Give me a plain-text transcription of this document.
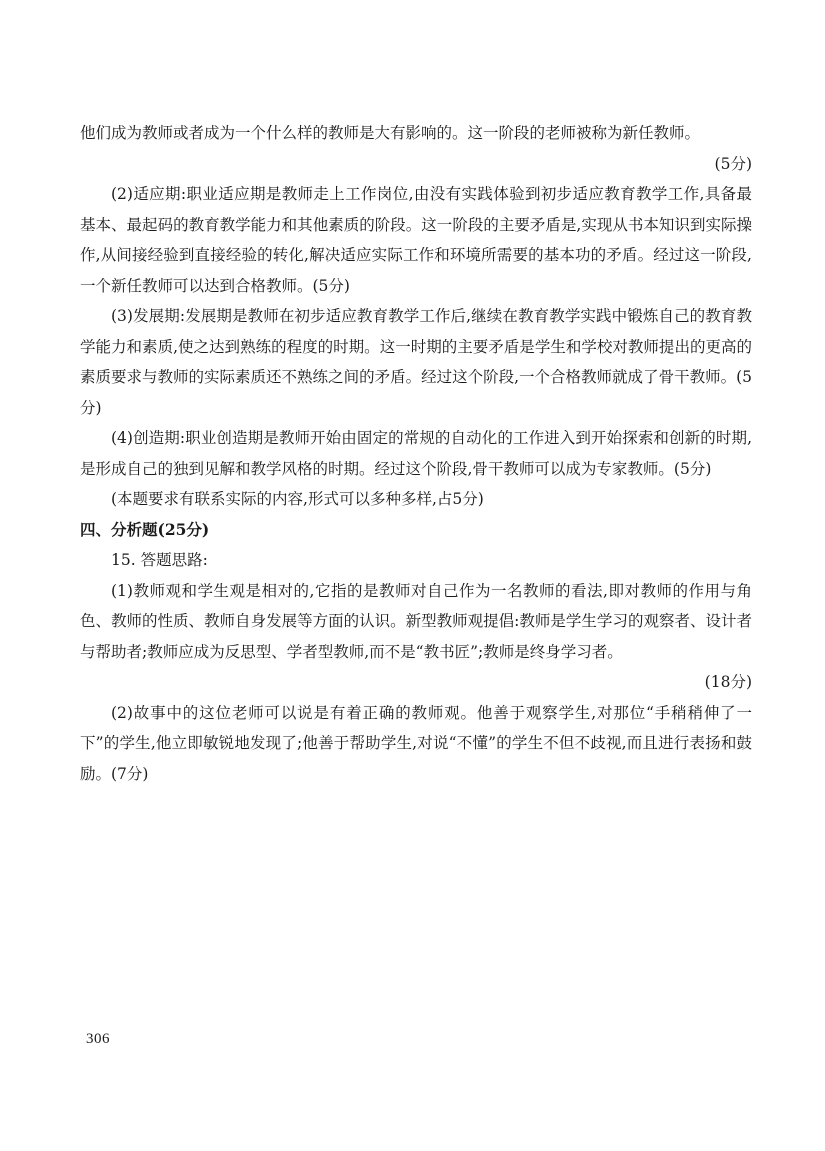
他们成为教师或者成为一个什么样的教师是大有影响的。这一阶段的老师被称为新任教师。

(5分)

(2)适应期:职业适应期是教师走上工作岗位,由没有实践体验到初步适应教育教学工作,具备最基本、最起码的教育教学能力和其他素质的阶段。这一阶段的主要矛盾是,实现从书本知识到实际操作,从间接经验到直接经验的转化,解决适应实际工作和环境所需要的基本功的矛盾。经过这一阶段,一个新任教师可以达到合格教师。(5分)

(3)发展期:发展期是教师在初步适应教育教学工作后,继续在教育教学实践中锻炼自己的教育教学能力和素质,使之达到熟练的程度的时期。这一时期的主要矛盾是学生和学校对教师提出的更高的素质要求与教师的实际素质还不熟练之间的矛盾。经过这个阶段,一个合格教师就成了骨干教师。(5分)

(4)创造期:职业创造期是教师开始由固定的常规的自动化的工作进入到开始探索和创新的时期,是形成自己的独到见解和教学风格的时期。经过这个阶段,骨干教师可以成为专家教师。(5分)

(本题要求有联系实际的内容,形式可以多种多样,占5分)

四、分析题(25分)

15. 答题思路:

(1)教师观和学生观是相对的,它指的是教师对自己作为一名教师的看法,即对教师的作用与角色、教师的性质、教师自身发展等方面的认识。新型教师观提倡:教师是学生学习的观察者、设计者与帮助者;教师应成为反思型、学者型教师,而不是“教书匠”;教师是终身学习者。

(18分)

(2)故事中的这位老师可以说是有着正确的教师观。他善于观察学生,对那位“手稍稍伸了一下”的学生,他立即敏锐地发现了;他善于帮助学生,对说“不懂”的学生不但不歧视,而且进行表扬和鼓励。(7分)

306
